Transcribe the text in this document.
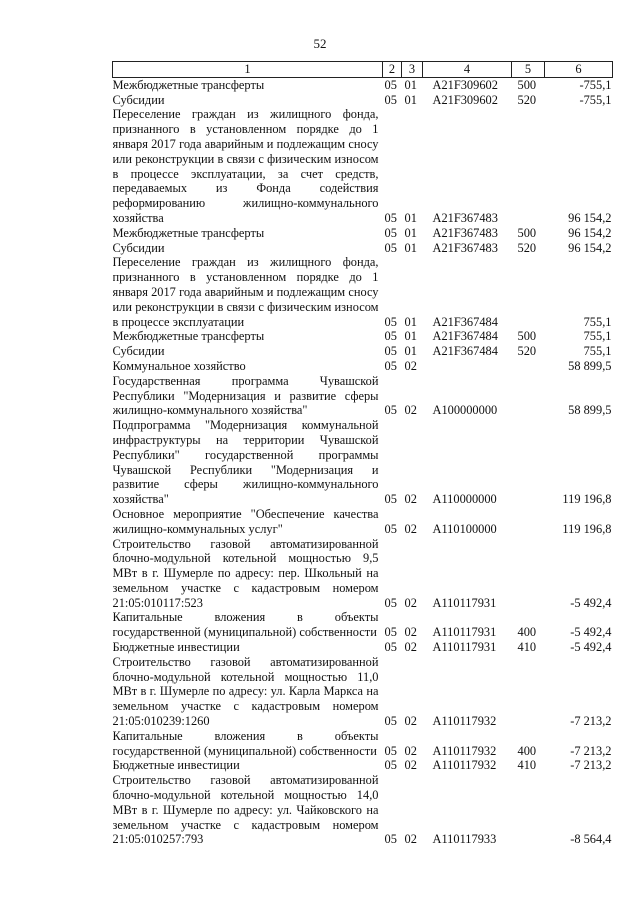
52
1	2	3	4	5	6
Межбюджетные трансферты	05	01	A21F309602	500	-755,1
Субсидии	05	01	A21F309602	520	-755,1
Переселение граждан из жилищного фонда, признанного в установленном порядке до 1 января 2017 года аварийным и подлежащим сносу или реконструкции в связи с физическим износом в процессе эксплуатации, за счет средств, передаваемых из Фонда содействия реформированию жилищно-коммунального хозяйства	05	01	A21F367483		96 154,2
Межбюджетные трансферты	05	01	A21F367483	500	96 154,2
Субсидии	05	01	A21F367483	520	96 154,2
Переселение граждан из жилищного фонда, признанного в установленном порядке до 1 января 2017 года аварийным и подлежащим сносу или реконструкции в связи с физическим износом в процессе эксплуатации	05	01	A21F367484		755,1
Межбюджетные трансферты	05	01	A21F367484	500	755,1
Субсидии	05	01	A21F367484	520	755,1
Коммунальное хозяйство	05	02			58 899,5
Государственная программа Чувашской Республики "Модернизация и развитие сферы жилищно-коммунального хозяйства"	05	02	A100000000		58 899,5
Подпрограмма "Модернизация коммунальной инфраструктуры на территории Чувашской Республики" государственной программы Чувашской Республики "Модернизация и развитие сферы жилищно-коммунального хозяйства"	05	02	A110000000		119 196,8
Основное мероприятие "Обеспечение качества жилищно-коммунальных услуг"	05	02	A110100000		119 196,8
Строительство газовой автоматизированной блочно-модульной котельной мощностью 9,5 МВт в г. Шумерле по адресу: пер. Школьный на земельном участке с кадастровым номером 21:05:010117:523	05	02	A110117931		-5 492,4
Капитальные вложения в объекты государственной (муниципальной) собственности	05	02	A110117931	400	-5 492,4
Бюджетные инвестиции	05	02	A110117931	410	-5 492,4
Строительство газовой автоматизированной блочно-модульной котельной мощностью 11,0 МВт в г. Шумерле по адресу: ул. Карла Маркса на земельном участке с кадастровым номером 21:05:010239:1260	05	02	A110117932		-7 213,2
Капитальные вложения в объекты государственной (муниципальной) собственности	05	02	A110117932	400	-7 213,2
Бюджетные инвестиции	05	02	A110117932	410	-7 213,2
Строительство газовой автоматизированной блочно-модульной котельной мощностью 14,0 МВт в г. Шумерле по адресу: ул. Чайковского на земельном участке с кадастровым номером 21:05:010257:793	05	02	A110117933		-8 564,4
